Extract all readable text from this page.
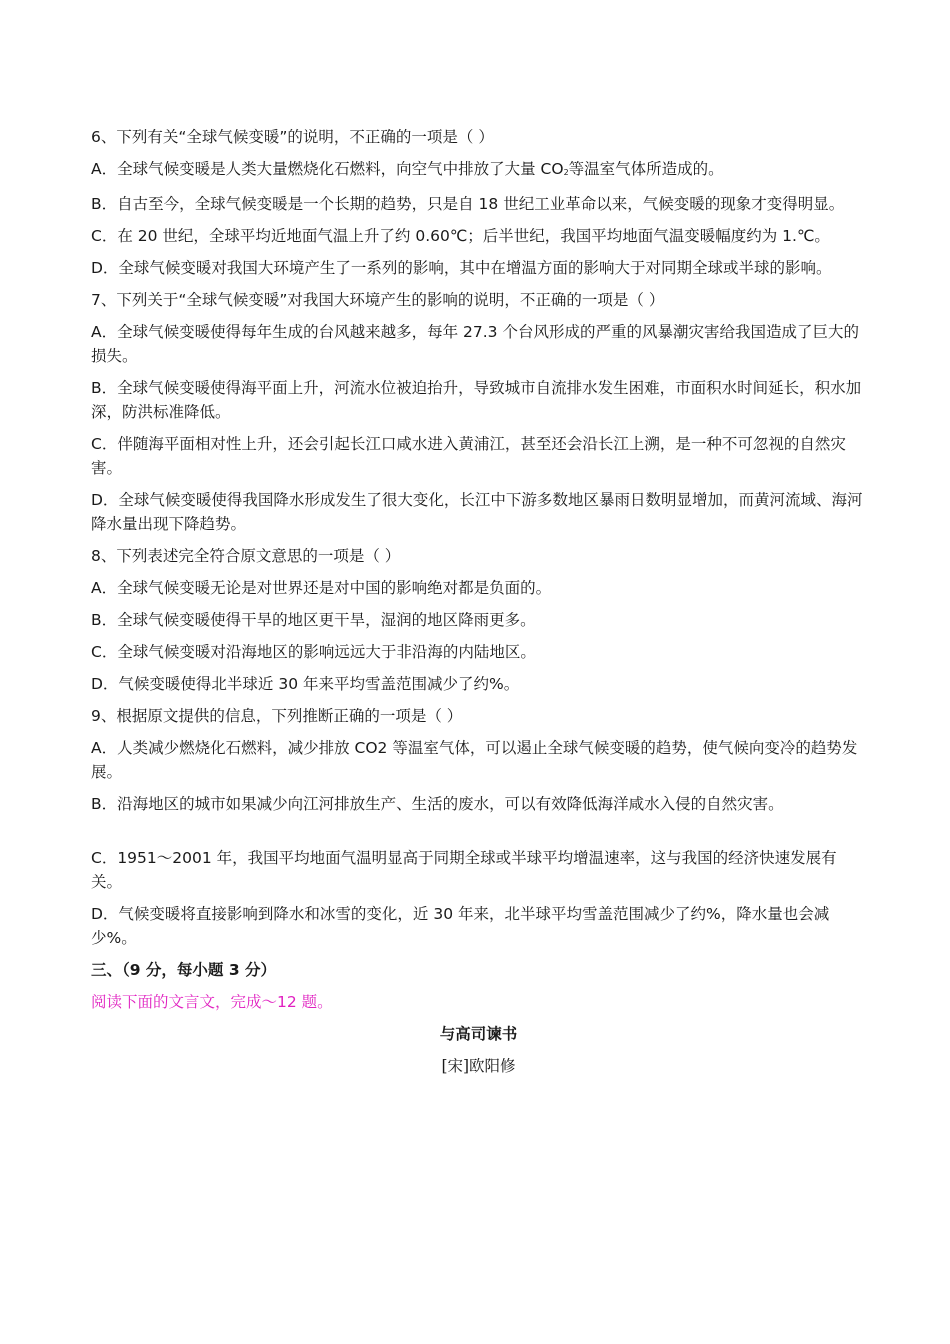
6、下列有关“全球气候变暖”的说明，不正确的一项是（ ）
A．全球气候变暖是人类大量燃烧化石燃料，向空气中排放了大量 $CO_2$等温室气体所造成的。
B．自古至今，全球气候变暖是一个长期的趋势，只是自 18 世纪工业革命以来，气候变暖的现象才变得明显。
C．在 20 世纪，全球平均近地面气温上升了约 0.60℃；后半世纪，我国平均地面气温变暖幅度约为 1.℃。
D．全球气候变暖对我国大环境产生了一系列的影响，其中在增温方面的影响大于对同期全球或半球的影响。
7、下列关于“全球气候变暖”对我国大环境产生的影响的说明，不正确的一项是（ ）
A．全球气候变暖使得每年生成的台风越来越多，每年 27.3 个台风形成的严重的风暴潮灾害给我国造成了巨大的损失。
B．全球气候变暖使得海平面上升，河流水位被迫抬升，导致城市自流排水发生困难，市面积水时间延长，积水加深，防洪标准降低。
C．伴随海平面相对性上升，还会引起长江口咸水进入黄浦江，甚至还会沿长江上溯，是一种不可忽视的自然灾害。
D．全球气候变暖使得我国降水形成发生了很大变化，长江中下游多数地区暴雨日数明显增加，而黄河流域、海河降水量出现下降趋势。
8、下列表述完全符合原文意思的一项是（ ）
A．全球气候变暖无论是对世界还是对中国的影响绝对都是负面的。
B．全球气候变暖使得干旱的地区更干旱，湿润的地区降雨更多。
C．全球气候变暖对沿海地区的影响远远大于非沿海的内陆地区。
D．气候变暖使得北半球近 30 年来平均雪盖范围减少了约%。
9、根据原文提供的信息，下列推断正确的一项是（ ）
A．人类减少燃烧化石燃料，减少排放 CO2 等温室气体，可以遏止全球气候变暖的趋势，使气候向变冷的趋势发展。
B．沿海地区的城市如果减少向江河排放生产、生活的废水，可以有效降低海洋咸水入侵的自然灾害。
C．1951～2001 年，我国平均地面气温明显高于同期全球或半球平均增温速率，这与我国的经济快速发展有关。
D．气候变暖将直接影响到降水和冰雪的变化，近 30 年来，北半球平均雪盖范围减少了约%，降水量也会减少%。
三、（9 分，每小题 3 分）
阅读下面的文言文，完成～12 题。
与高司谏书
[宋]欧阳修
